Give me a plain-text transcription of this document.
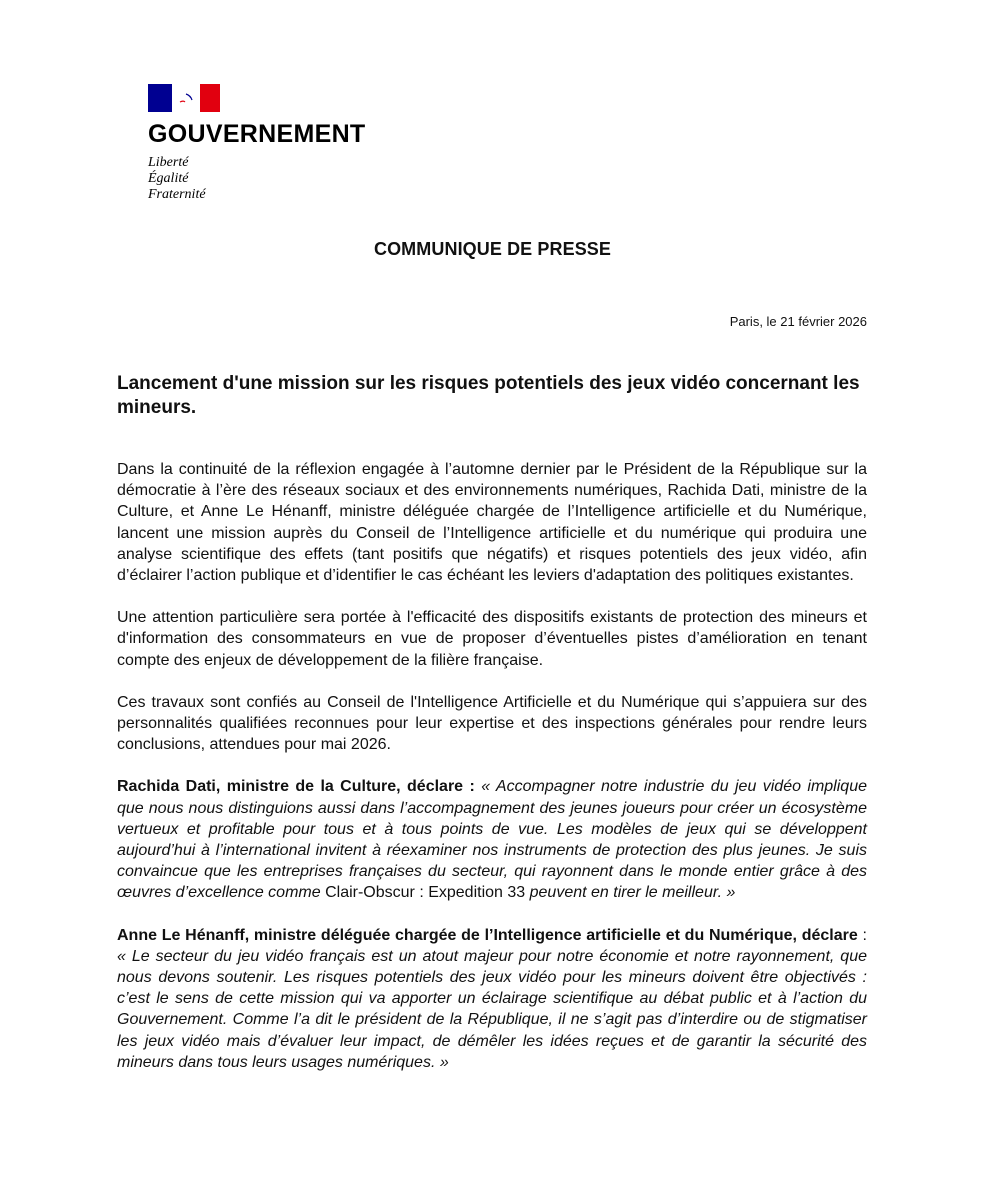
GOUVERNEMENT
Liberté
Égalité
Fraternité
COMMUNIQUE DE PRESSE
Paris, le 21 février 2026
Lancement d'une mission sur les risques potentiels des jeux vidéo concernant les mineurs.

Dans la continuité de la réflexion engagée à l’automne dernier par le Président de la République sur la démocratie à l’ère des réseaux sociaux et des environnements numériques, Rachida Dati, ministre de la Culture, et Anne Le Hénanff, ministre déléguée chargée de l’Intelligence artificielle et du Numérique, lancent une mission auprès du Conseil de l’Intelligence artificielle et du numérique qui produira une analyse scientifique des effets (tant positifs que négatifs) et risques potentiels des jeux vidéo, afin d’éclairer l’action publique et d’identifier le cas échéant les leviers d'adaptation des politiques existantes.

Une attention particulière sera portée à l'efficacité des dispositifs existants de protection des mineurs et d'information des consommateurs en vue de proposer d’éventuelles pistes d’amélioration en tenant compte des enjeux de développement de la filière française.

Ces travaux sont confiés au Conseil de l'Intelligence Artificielle et du Numérique qui s’appuiera sur des personnalités qualifiées reconnues pour leur expertise et des inspections générales pour rendre leurs conclusions, attendues pour mai 2026.

Rachida Dati, ministre de la Culture, déclare : « Accompagner notre industrie du jeu vidéo implique que nous nous distinguions aussi dans l’accompagnement des jeunes joueurs pour créer un écosystème vertueux et profitable pour tous et à tous points de vue. Les modèles de jeux qui se développent aujourd’hui à l’international invitent à réexaminer nos instruments de protection des plus jeunes. Je suis convaincue que les entreprises françaises du secteur, qui rayonnent dans le monde entier grâce à des œuvres d’excellence comme Clair-Obscur : Expedition 33 peuvent en tirer le meilleur. »

Anne Le Hénanff, ministre déléguée chargée de l’Intelligence artificielle et du Numérique, déclare : « Le secteur du jeu vidéo français est un atout majeur pour notre économie et notre rayonnement, que nous devons soutenir. Les risques potentiels des jeux vidéo pour les mineurs doivent être objectivés : c’est le sens de cette mission qui va apporter un éclairage scientifique au débat public et à l’action du Gouvernement. Comme l’a dit le président de la République, il ne s’agit pas d’interdire ou de stigmatiser les jeux vidéo mais d’évaluer leur impact, de démêler les idées reçues et de garantir la sécurité des mineurs dans tous leurs usages numériques. »
